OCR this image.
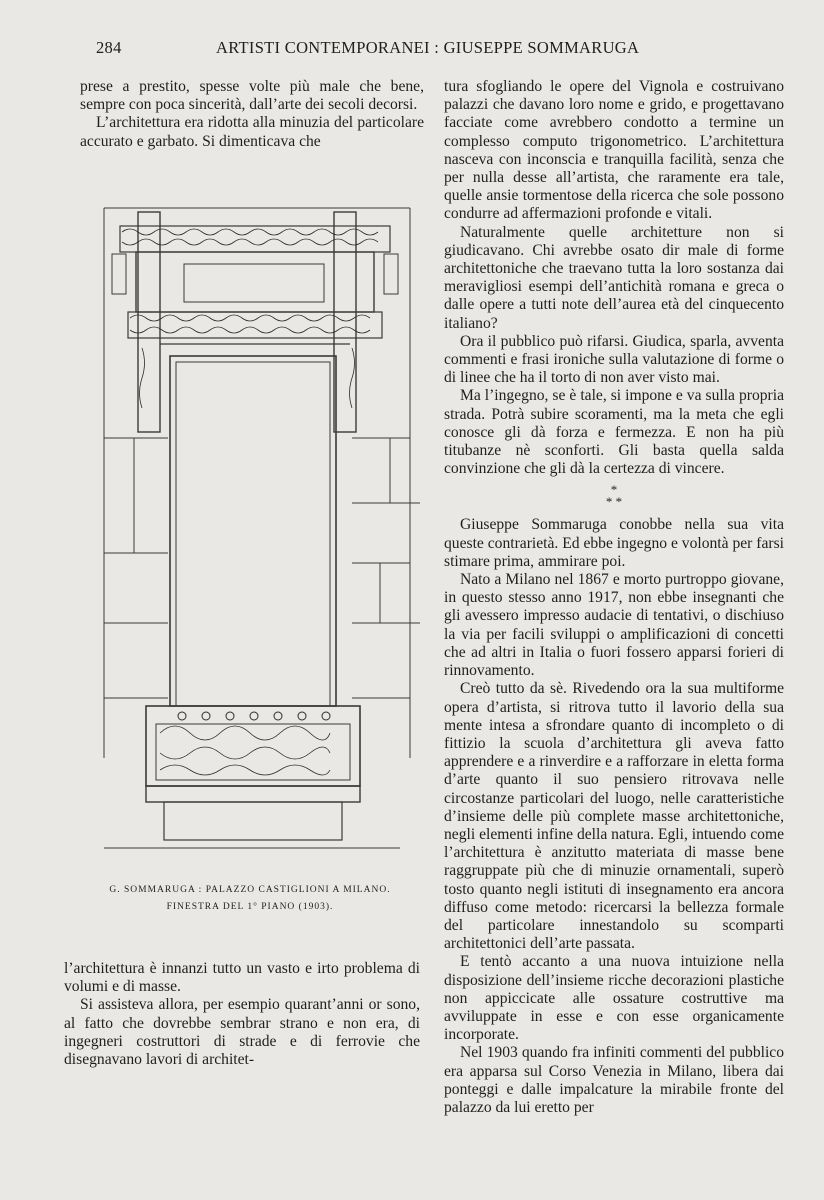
284	ARTISTI CONTEMPORANEI : GIUSEPPE SOMMARUGA

prese a prestito, spesse volte più male che bene, sempre con poca sincerità, dall’arte dei secoli decorsi.

L’architettura era ridotta alla minuzia del particolare accurato e garbato. Si dimenticava che

G. SOMMARUGA : PALAZZO CASTIGLIONI A MILANO.
FINESTRA DEL 1° PIANO (1903).

l’architettura è innanzi tutto un vasto e irto problema di volumi e di masse.

Si assisteva allora, per esempio quarant’anni or sono, al fatto che dovrebbe sembrar strano e non era, di ingegneri costruttori di strade e di ferrovie che disegnavano lavori di architet-

tura sfogliando le opere del Vignola e costruivano palazzi che davano loro nome e grido, e progettavano facciate come avrebbero condotto a termine un complesso computo trigonometrico. L’architettura nasceva con inconscia e tranquilla facilità, senza che per nulla desse all’artista, che raramente era tale, quelle ansie tormentose della ricerca che sole possono condurre ad affermazioni profonde e vitali.

Naturalmente quelle architetture non si giudicavano. Chi avrebbe osato dir male di forme architettoniche che traevano tutta la loro sostanza dai meravigliosi esempi dell’antichità romana e greca o dalle opere a tutti note dell’aurea età del cinquecento italiano?

Ora il pubblico può rifarsi. Giudica, sparla, avventa commenti e frasi ironiche sulla valutazione di forme o di linee che ha il torto di non aver visto mai.

Ma l’ingegno, se è tale, si impone e va sulla propria strada. Potrà subire scoramenti, ma la meta che egli conosce gli dà forza e fermezza. E non ha più titubanze nè sconforti. Gli basta quella salda convinzione che gli dà la certezza di vincere.

*
* *

Giuseppe Sommaruga conobbe nella sua vita queste contrarietà. Ed ebbe ingegno e volontà per farsi stimare prima, ammirare poi.

Nato a Milano nel 1867 e morto purtroppo giovane, in questo stesso anno 1917, non ebbe insegnanti che gli avessero impresso audacie di tentativi, o dischiuso la via per facili sviluppi o amplificazioni di concetti che ad altri in Italia o fuori fossero apparsi forieri di rinnovamento.

Creò tutto da sè. Rivedendo ora la sua multiforme opera d’artista, si ritrova tutto il lavorio della sua mente intesa a sfrondare quanto di incompleto o di fittizio la scuola d’architettura gli aveva fatto apprendere e a rinverdire e a rafforzare in eletta forma d’arte quanto il suo pensiero ritrovava nelle circostanze particolari del luogo, nelle caratteristiche d’insieme delle più complete masse architettoniche, negli elementi infine della natura. Egli, intuendo come l’architettura è anzitutto materiata di masse bene raggruppate più che di minuzie ornamentali, superò tosto quanto negli istituti di insegnamento era ancora diffuso come metodo: ricercarsi la bellezza formale del particolare innestandolo su scomparti architettonici dell’arte passata.

E tentò accanto a una nuova intuizione nella disposizione dell’insieme ricche decorazioni plastiche non appiccicate alle ossature costruttive ma avviluppate in esse e con esse organicamente incorporate.

Nel 1903 quando fra infiniti commenti del pubblico era apparsa sul Corso Venezia in Milano, libera dai ponteggi e dalle impalcature la mirabile fronte del palazzo da lui eretto per
